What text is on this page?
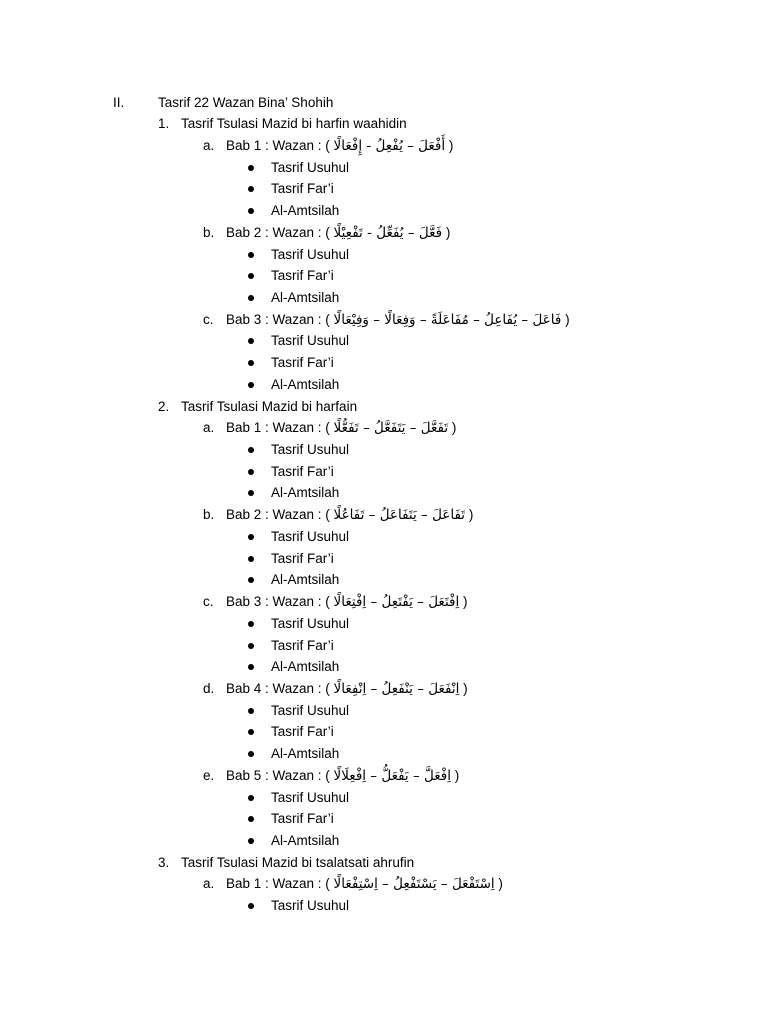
II. Tasrif 22 Wazan Bina’ Shohih
1. Tasrif Tsulasi Mazid bi harfin waahidin
a. Bab 1 : Wazan : ( أَفْعَلَ – يُفْعِلُ - إِفْعَالًا )
Tasrif Usuhul
Tasrif Far’i
Al-Amtsilah
b. Bab 2 : Wazan : ( فَعَّلَ – يُفَعِّلُ - تَفْعِيْلًا )
Tasrif Usuhul
Tasrif Far’i
Al-Amtsilah
c. Bab 3 : Wazan : ( فَاعَلَ – يُفَاعِلُ – مُفَاعَلَةً – وَفِعَالًا – وَفِيْعَالًا )
Tasrif Usuhul
Tasrif Far’i
Al-Amtsilah
2. Tasrif Tsulasi Mazid bi harfain
a. Bab 1 : Wazan : ( تَفَعَّلَ – يَتَفَعَّلُ – تَفَعُّلًا )
Tasrif Usuhul
Tasrif Far’i
Al-Amtsilah
b. Bab 2 : Wazan : ( تَفَاعَلَ – يَتَفَاعَلُ – تَفَاعُلًا )
Tasrif Usuhul
Tasrif Far’i
Al-Amtsilah
c. Bab 3 : Wazan : ( اِفْتَعَلَ – يَفْتَعِلُ – اِفْتِعَالًا )
Tasrif Usuhul
Tasrif Far’i
Al-Amtsilah
d. Bab 4 : Wazan : ( اِنْفَعَلَ – يَنْفَعِلُ – اِنْفِعَالًا )
Tasrif Usuhul
Tasrif Far’i
Al-Amtsilah
e. Bab 5 : Wazan : ( اِفْعَلَّ – يَفْعَلُّ – اِفْعِلَالًا )
Tasrif Usuhul
Tasrif Far’i
Al-Amtsilah
3. Tasrif Tsulasi Mazid bi tsalatsati ahrufin
a. Bab 1 : Wazan : ( اِسْتَفْعَلَ – يَسْتَفْعِلُ – اِسْتِفْعَالًا )
Tasrif Usuhul
